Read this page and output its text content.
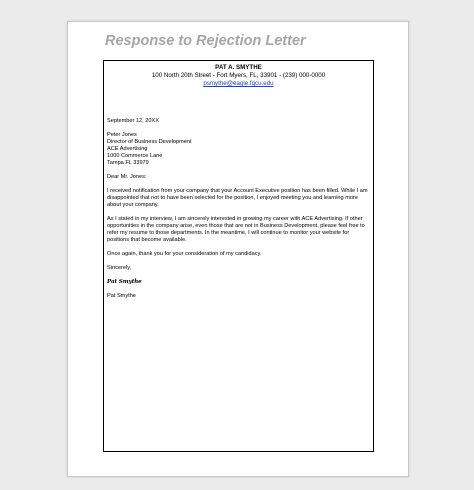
Response to Rejection Letter
PAT A. SMYTHE
100 North 20th Street - Fort Myers, FL, 33901 - (239) 000-0000
psmythe@eagle.fgcu.edu

September 12, 20XX

Peter Jones
Director of Business Development
ACE Advertising
1000 Commerce Lane
Tampa FL 33979

Dear Mr. Jones:

I received notification from your company that your Account Executive position has been filled. While I am disappointed that not to have been selected for the position, I enjoyed meeting you and learning more about your company.

As I stated in my interview, I am sincerely interested in growing my career with ACE Advertising. If other opportunities in the company arise, even those that are not in Business Development, please feel free to refer my resume to those departments. In the meantime, I will continue to monitor your website for positions that become available.

Once again, thank you for your consideration of my candidacy.

Sincerely,

Pat Smythe

Pat Smythe
